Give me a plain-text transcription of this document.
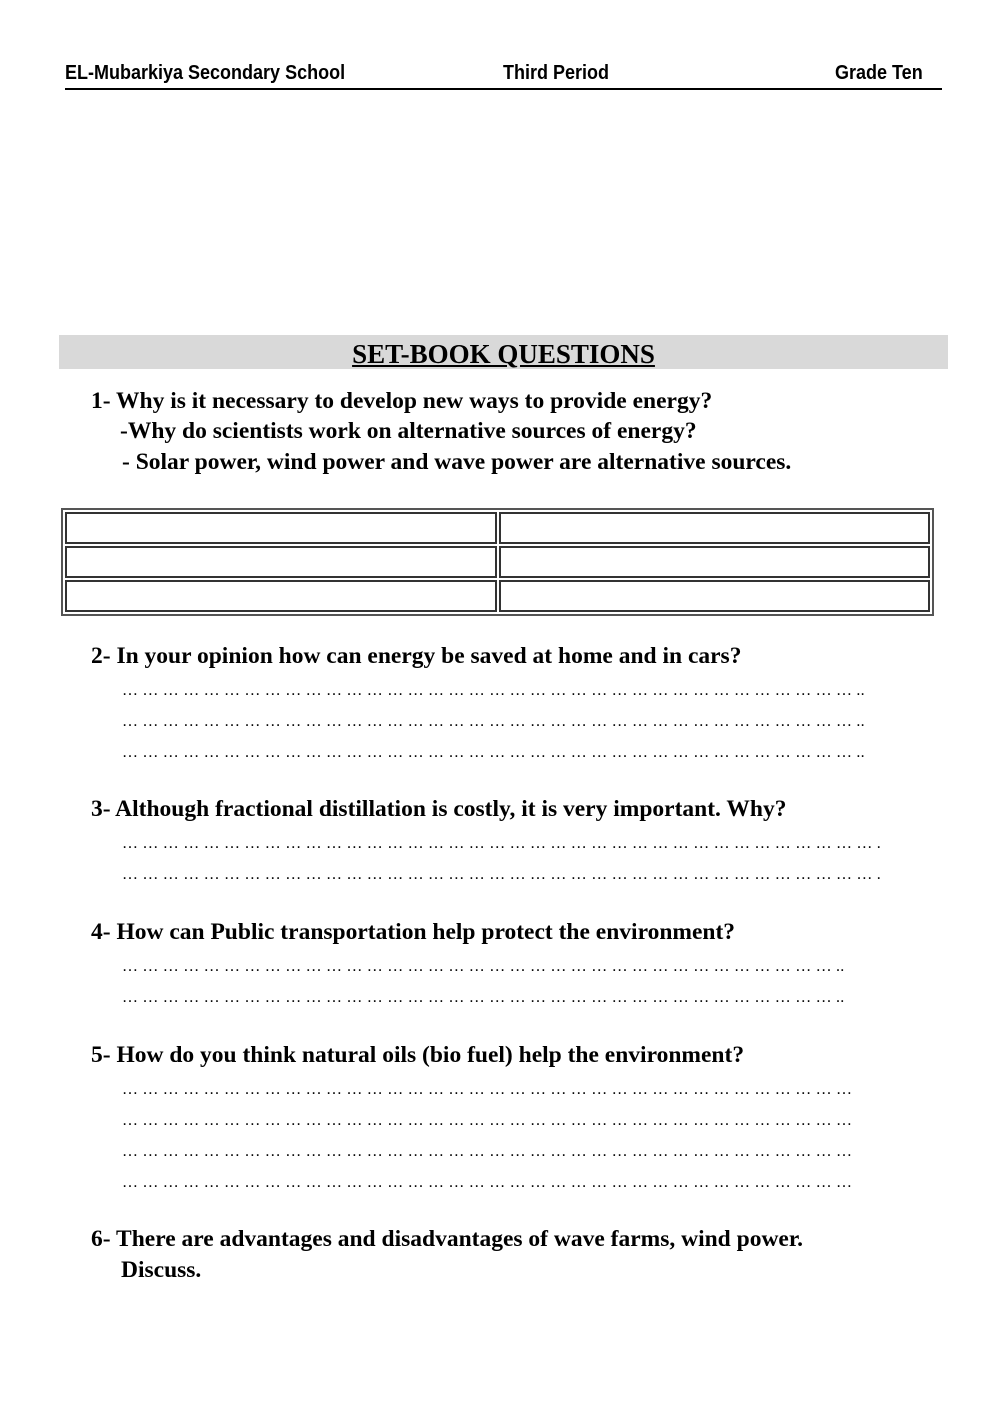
EL-Mubarkiya Secondary School	Third Period	Grade Ten
SET-BOOK QUESTIONS
1- Why is it necessary to develop new ways to provide energy?
-Why do scientists work on alternative sources of energy?
- Solar power, wind power and wave power are alternative sources.

2- In your opinion how can energy be saved at home and in cars?
… … … … … … … … … … … … … … … … … … … … … … … … … … … … … … … … … … … … ..
… … … … … … … … … … … … … … … … … … … … … … … … … … … … … … … … … … … … ..
… … … … … … … … … … … … … … … … … … … … … … … … … … … … … … … … … … … … ..
3- Although fractional distillation is costly, it is very important. Why?
… … … … … … … … … … … … … … … … … … … … … … … … … … … … … … … … … … … … … .
… … … … … … … … … … … … … … … … … … … … … … … … … … … … … … … … … … … … … .
4- How can Public transportation help protect the environment?
… … … … … … … … … … … … … … … … … … … … … … … … … … … … … … … … … … … ..
… … … … … … … … … … … … … … … … … … … … … … … … … … … … … … … … … … … ..
5- How do you think natural oils (bio fuel) help the environment?
… … … … … … … … … … … … … … … … … … … … … … … … … … … … … … … … … … … …
… … … … … … … … … … … … … … … … … … … … … … … … … … … … … … … … … … … …
… … … … … … … … … … … … … … … … … … … … … … … … … … … … … … … … … … … …
… … … … … … … … … … … … … … … … … … … … … … … … … … … … … … … … … … … …
6- There are advantages and disadvantages of wave farms, wind power.
Discuss.
